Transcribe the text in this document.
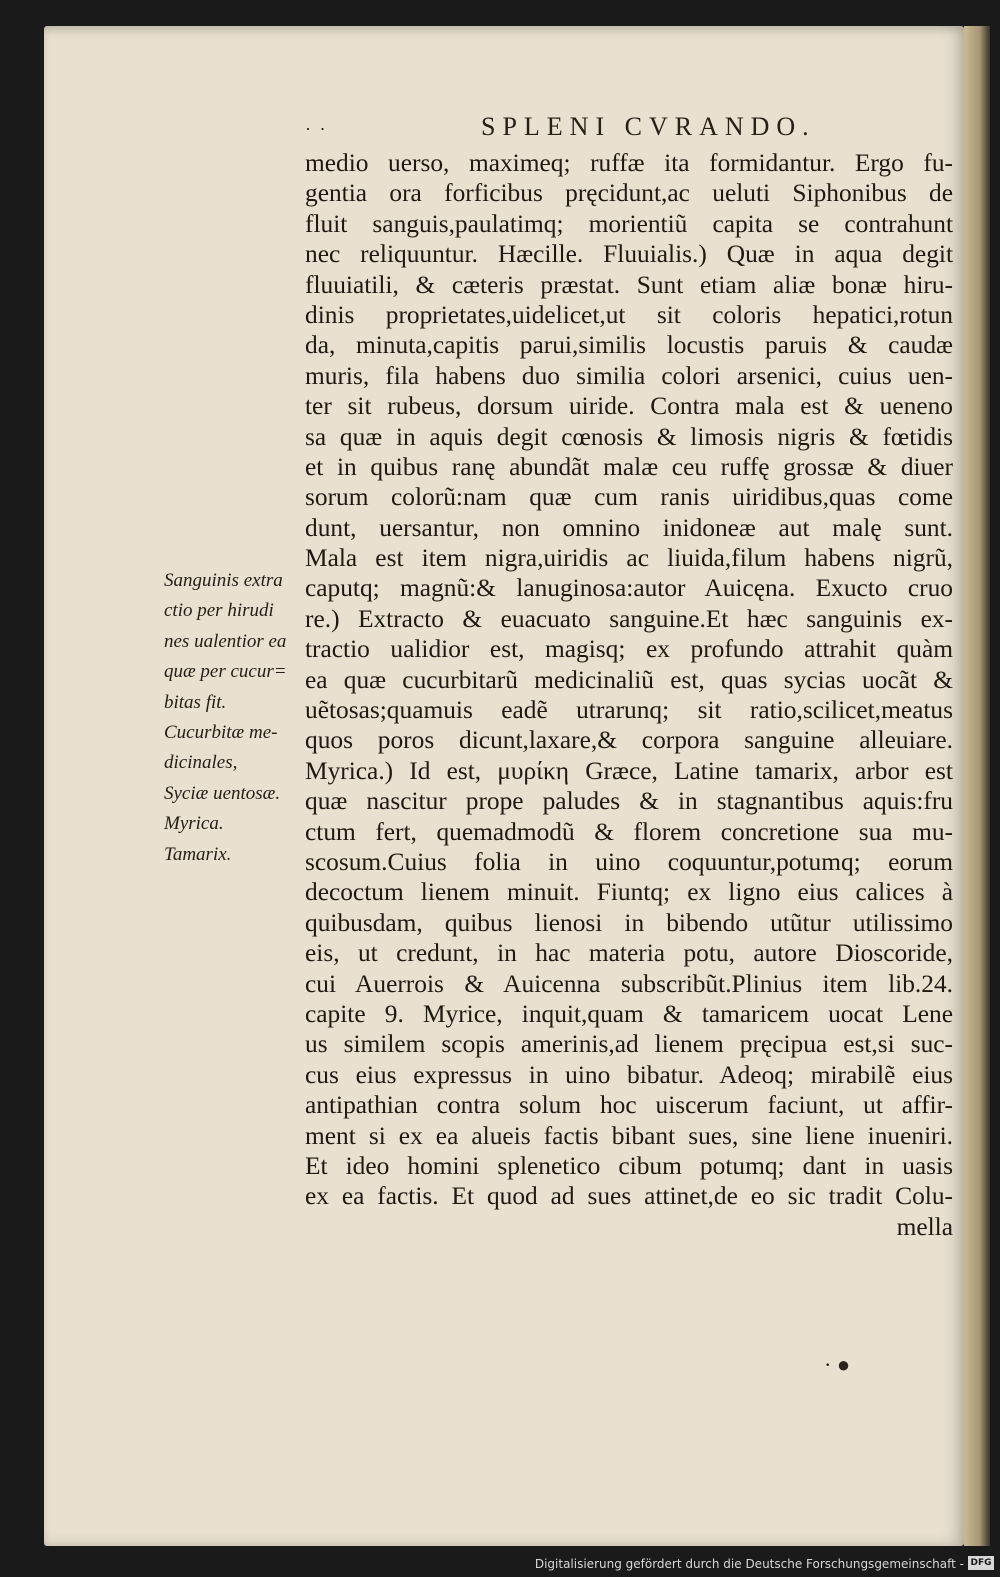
· ·	SPLENI CVRANDO.
medio uerso, maximeq; ruffæ ita formidantur. Ergo fu-
gentia ora forficibus pręcidunt,ac ueluti Siphonibus de
fluit sanguis,paulatimq; morientiũ capita se contrahunt
nec reliquuntur. Hæcille. Fluuialis.) Quæ in aqua degit
fluuiatili, & cæteris præstat. Sunt etiam aliæ bonæ hiru-
dinis proprietates,uidelicet,ut sit coloris hepatici,rotun
da, minuta,capitis parui,similis locustis paruis & caudæ
muris, fila habens duo similia colori arsenici, cuius uen-
ter sit rubeus, dorsum uiride. Contra mala est & ueneno
sa quæ in aquis degit cœnosis & limosis nigris & fœtidis
et in quibus ranę abundãt malæ ceu ruffę grossæ & diuer
sorum colorũ:nam quæ cum ranis uiridibus,quas come
dunt, uersantur, non omnino inidoneæ aut malę sunt.
Mala est item nigra,uiridis ac liuida,filum habens nigrũ,
caputq; magnũ:& lanuginosa:autor Auicęna. Exucto cruo
re.) Extracto & euacuato sanguine.Et hæc sanguinis ex-
tractio ualidior est, magisq; ex profundo attrahit quàm
ea quæ cucurbitarũ medicinaliũ est, quas sycias uocãt &
uẽtosas;quamuis eadẽ utrarunq; sit ratio,scilicet,meatus
quos poros dicunt,laxare,& corpora sanguine alleuiare.
Myrica.) Id est, μυρίκη Græce, Latine tamarix, arbor est
quæ nascitur prope paludes & in stagnantibus aquis:fru
ctum fert, quemadmodũ & florem concretione sua mu-
scosum.Cuius folia in uino coquuntur,potumq; eorum
decoctum lienem minuit. Fiuntq; ex ligno eius calices à
quibusdam, quibus lienosi in bibendo utũtur utilissimo
eis, ut credunt, in hac materia potu, autore Dioscoride,
cui Auerrois & Auicenna subscribũt.Plinius item lib.24.
capite 9. Myrice, inquit,quam & tamaricem uocat Lene
us similem scopis amerinis,ad lienem pręcipua est,si suc-
cus eius expressus in uino bibatur. Adeoq; mirabilẽ eius
antipathian contra solum hoc uiscerum faciunt, ut affir-
ment si ex ea alueis factis bibant sues, sine liene inueniri.
Et ideo homini splenetico cibum potumq; dant in uasis
ex ea factis. Et quod ad sues attinet,de eo sic tradit Colu-
mella
Sanguinis extra
ctio per hirudi
nes ualentior ea
quæ per cucur=
bitas fit.
Cucurbitæ me-
dicinales,
Syciæ uentosæ.
Myrica.
Tamarix.
· ●
Digitalisierung gefördert durch die Deutsche Forschungsgemeinschaft - DFG
